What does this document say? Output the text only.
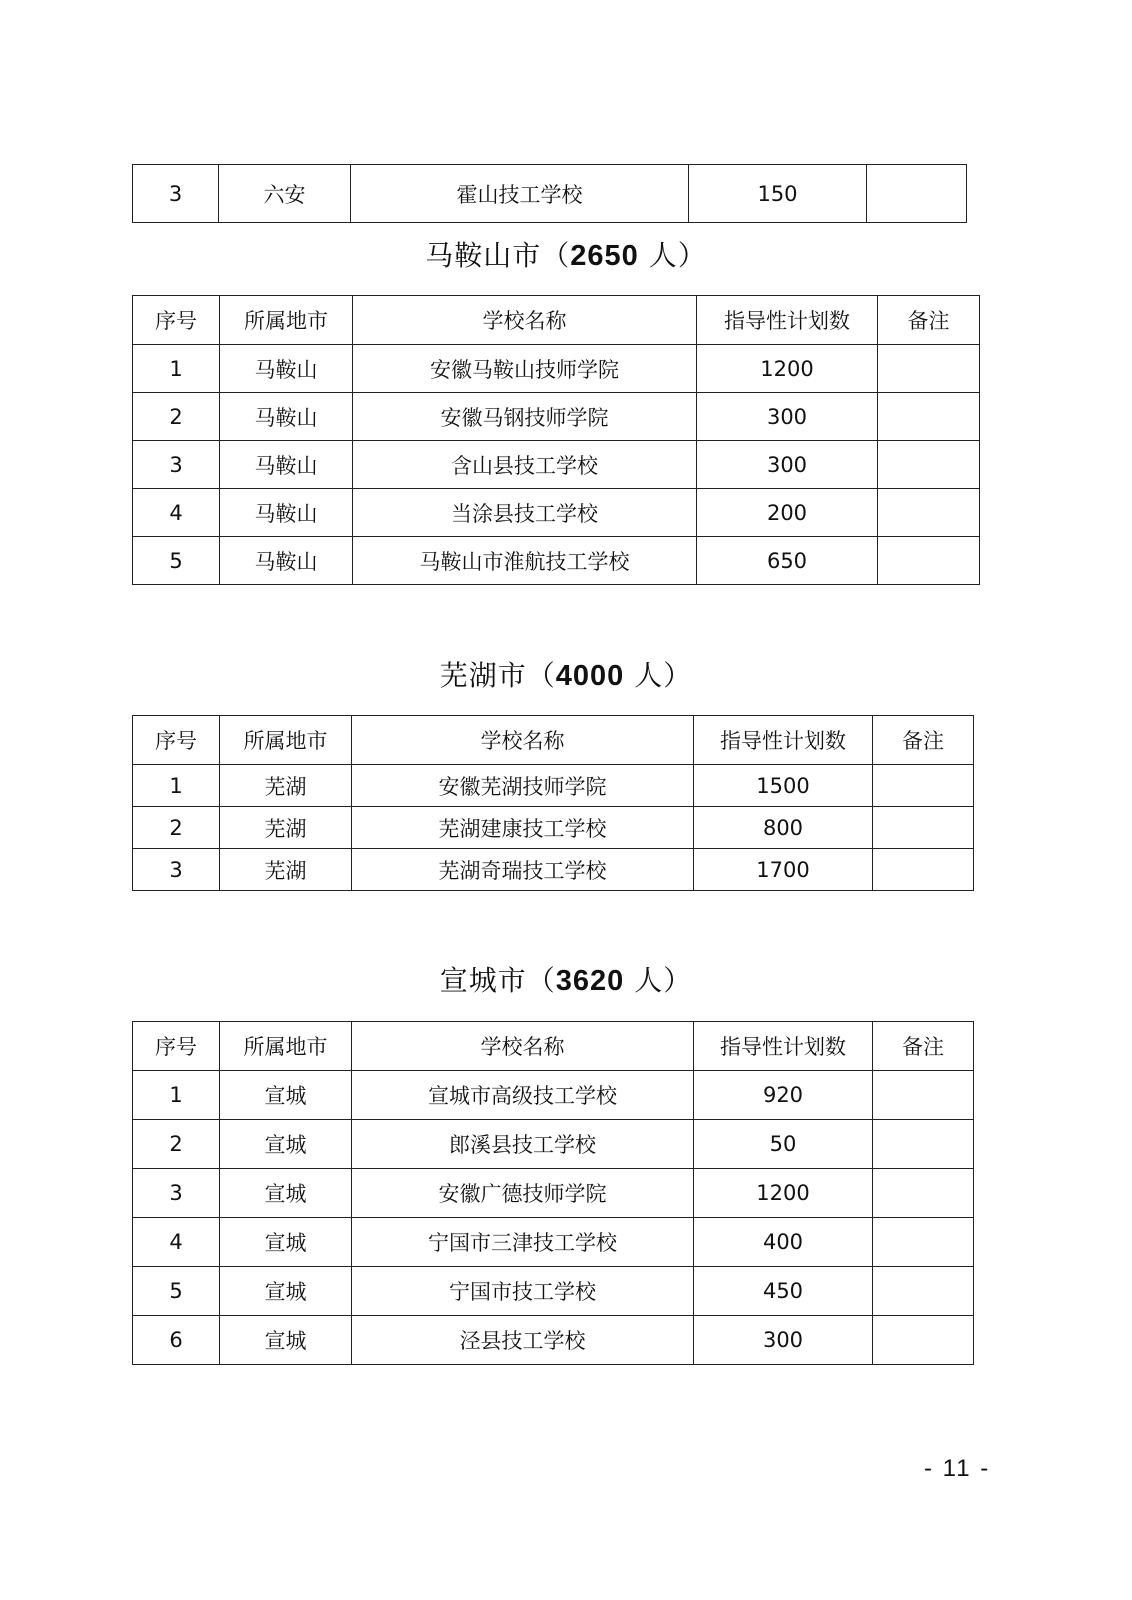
3	六安	霍山技工学校	150	
马鞍山市（2650 人）
序号	所属地市	学校名称	指导性计划数	备注
1	马鞍山	安徽马鞍山技师学院	1200	
2	马鞍山	安徽马钢技师学院	300	
3	马鞍山	含山县技工学校	300	
4	马鞍山	当涂县技工学校	200	
5	马鞍山	马鞍山市淮航技工学校	650	
芜湖市（4000 人）
序号	所属地市	学校名称	指导性计划数	备注
1	芜湖	安徽芜湖技师学院	1500	
2	芜湖	芜湖建康技工学校	800	
3	芜湖	芜湖奇瑞技工学校	1700	
宣城市（3620 人）
序号	所属地市	学校名称	指导性计划数	备注
1	宣城	宣城市高级技工学校	920	
2	宣城	郎溪县技工学校	50	
3	宣城	安徽广德技师学院	1200	
4	宣城	宁国市三津技工学校	400	
5	宣城	宁国市技工学校	450	
6	宣城	泾县技工学校	300	
- 11 -
